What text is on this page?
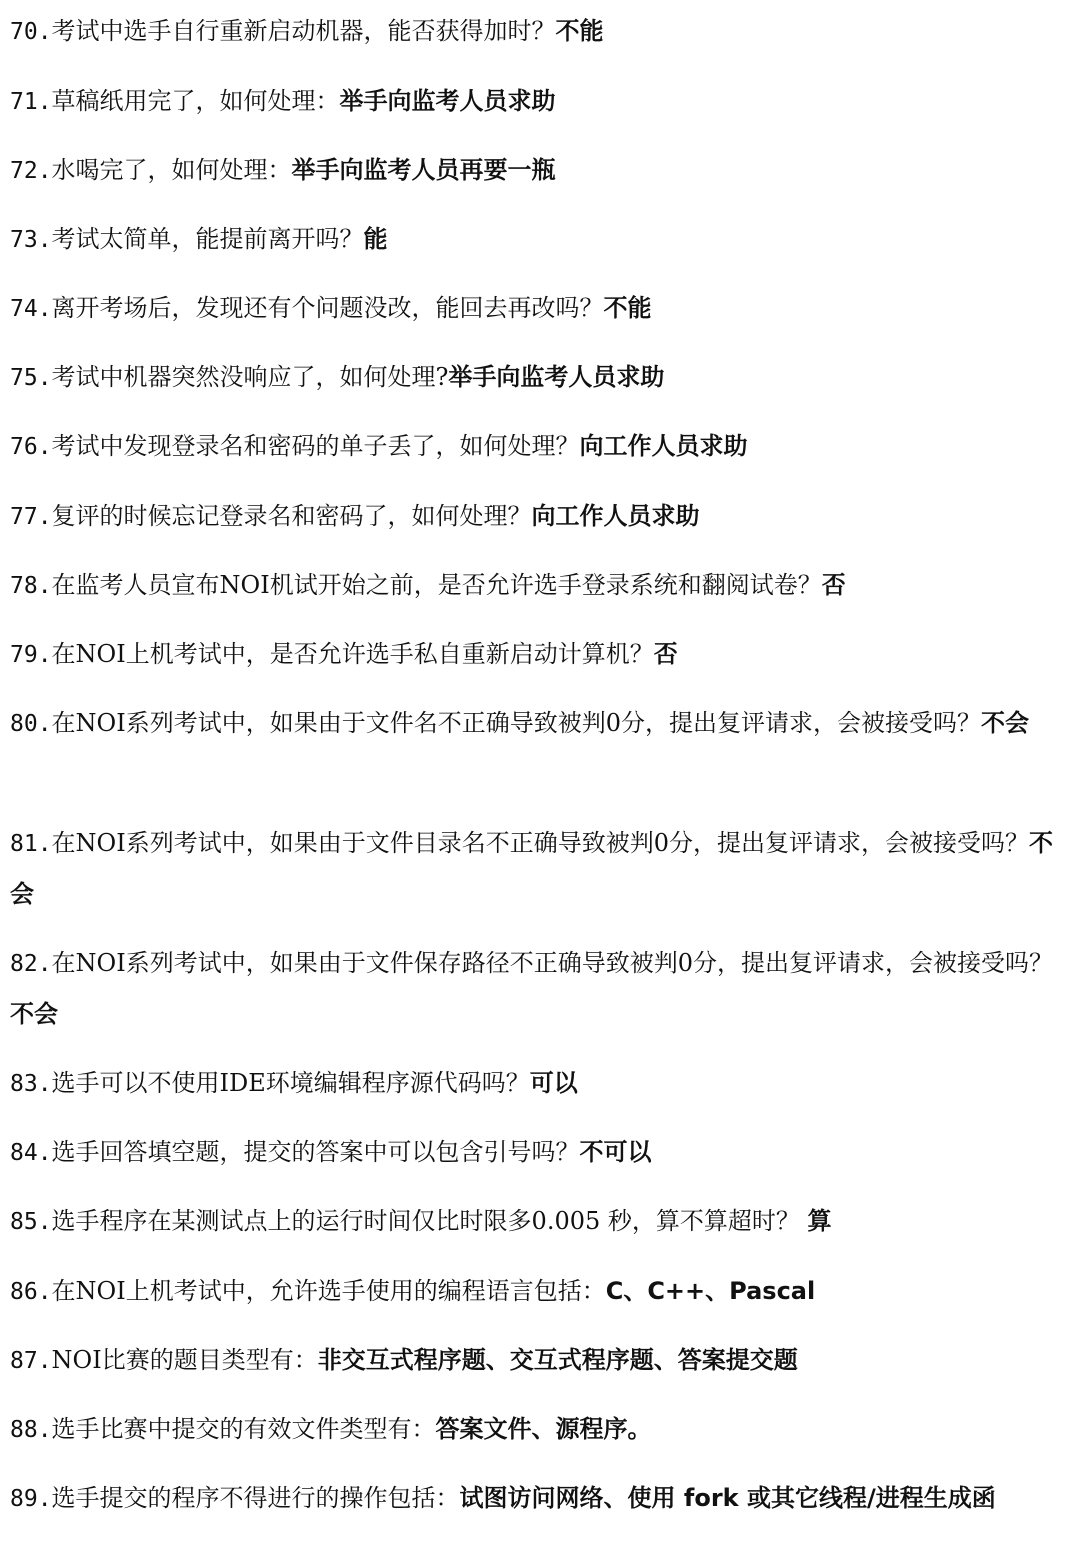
70.考试中选手自行重新启动机器，能否获得加时？不能
71.草稿纸用完了，如何处理：举手向监考人员求助
72.水喝完了，如何处理：举手向监考人员再要一瓶
73.考试太简单，能提前离开吗？能
74.离开考场后，发现还有个问题没改，能回去再改吗？不能
75.考试中机器突然没响应了，如何处理?举手向监考人员求助
76.考试中发现登录名和密码的单子丢了，如何处理？向工作人员求助
77.复评的时候忘记登录名和密码了，如何处理？向工作人员求助
78.在监考人员宣布NOI机试开始之前，是否允许选手登录系统和翻阅试卷？否
79.在NOI上机考试中，是否允许选手私自重新启动计算机？否
80.在NOI系列考试中，如果由于文件名不正确导致被判0分，提出复评请求，会被接受吗？不会
81.在NOI系列考试中，如果由于文件目录名不正确导致被判0分，提出复评请求，会被接受吗？不会
82.在NOI系列考试中，如果由于文件保存路径不正确导致被判0分，提出复评请求，会被接受吗？不会
83.选手可以不使用IDE环境编辑程序源代码吗？可以
84.选手回答填空题，提交的答案中可以包含引号吗？不可以
85.选手程序在某测试点上的运行时间仅比时限多0.005 秒，算不算超时？ 算
86.在NOI上机考试中，允许选手使用的编程语言包括：C、C++、Pascal
87.NOI比赛的题目类型有：非交互式程序题、交互式程序题、答案提交题
88.选手比赛中提交的有效文件类型有：答案文件、源程序。
89.选手提交的程序不得进行的操作包括：试图访问网络、使用 fork 或其它线程/进程生成函
